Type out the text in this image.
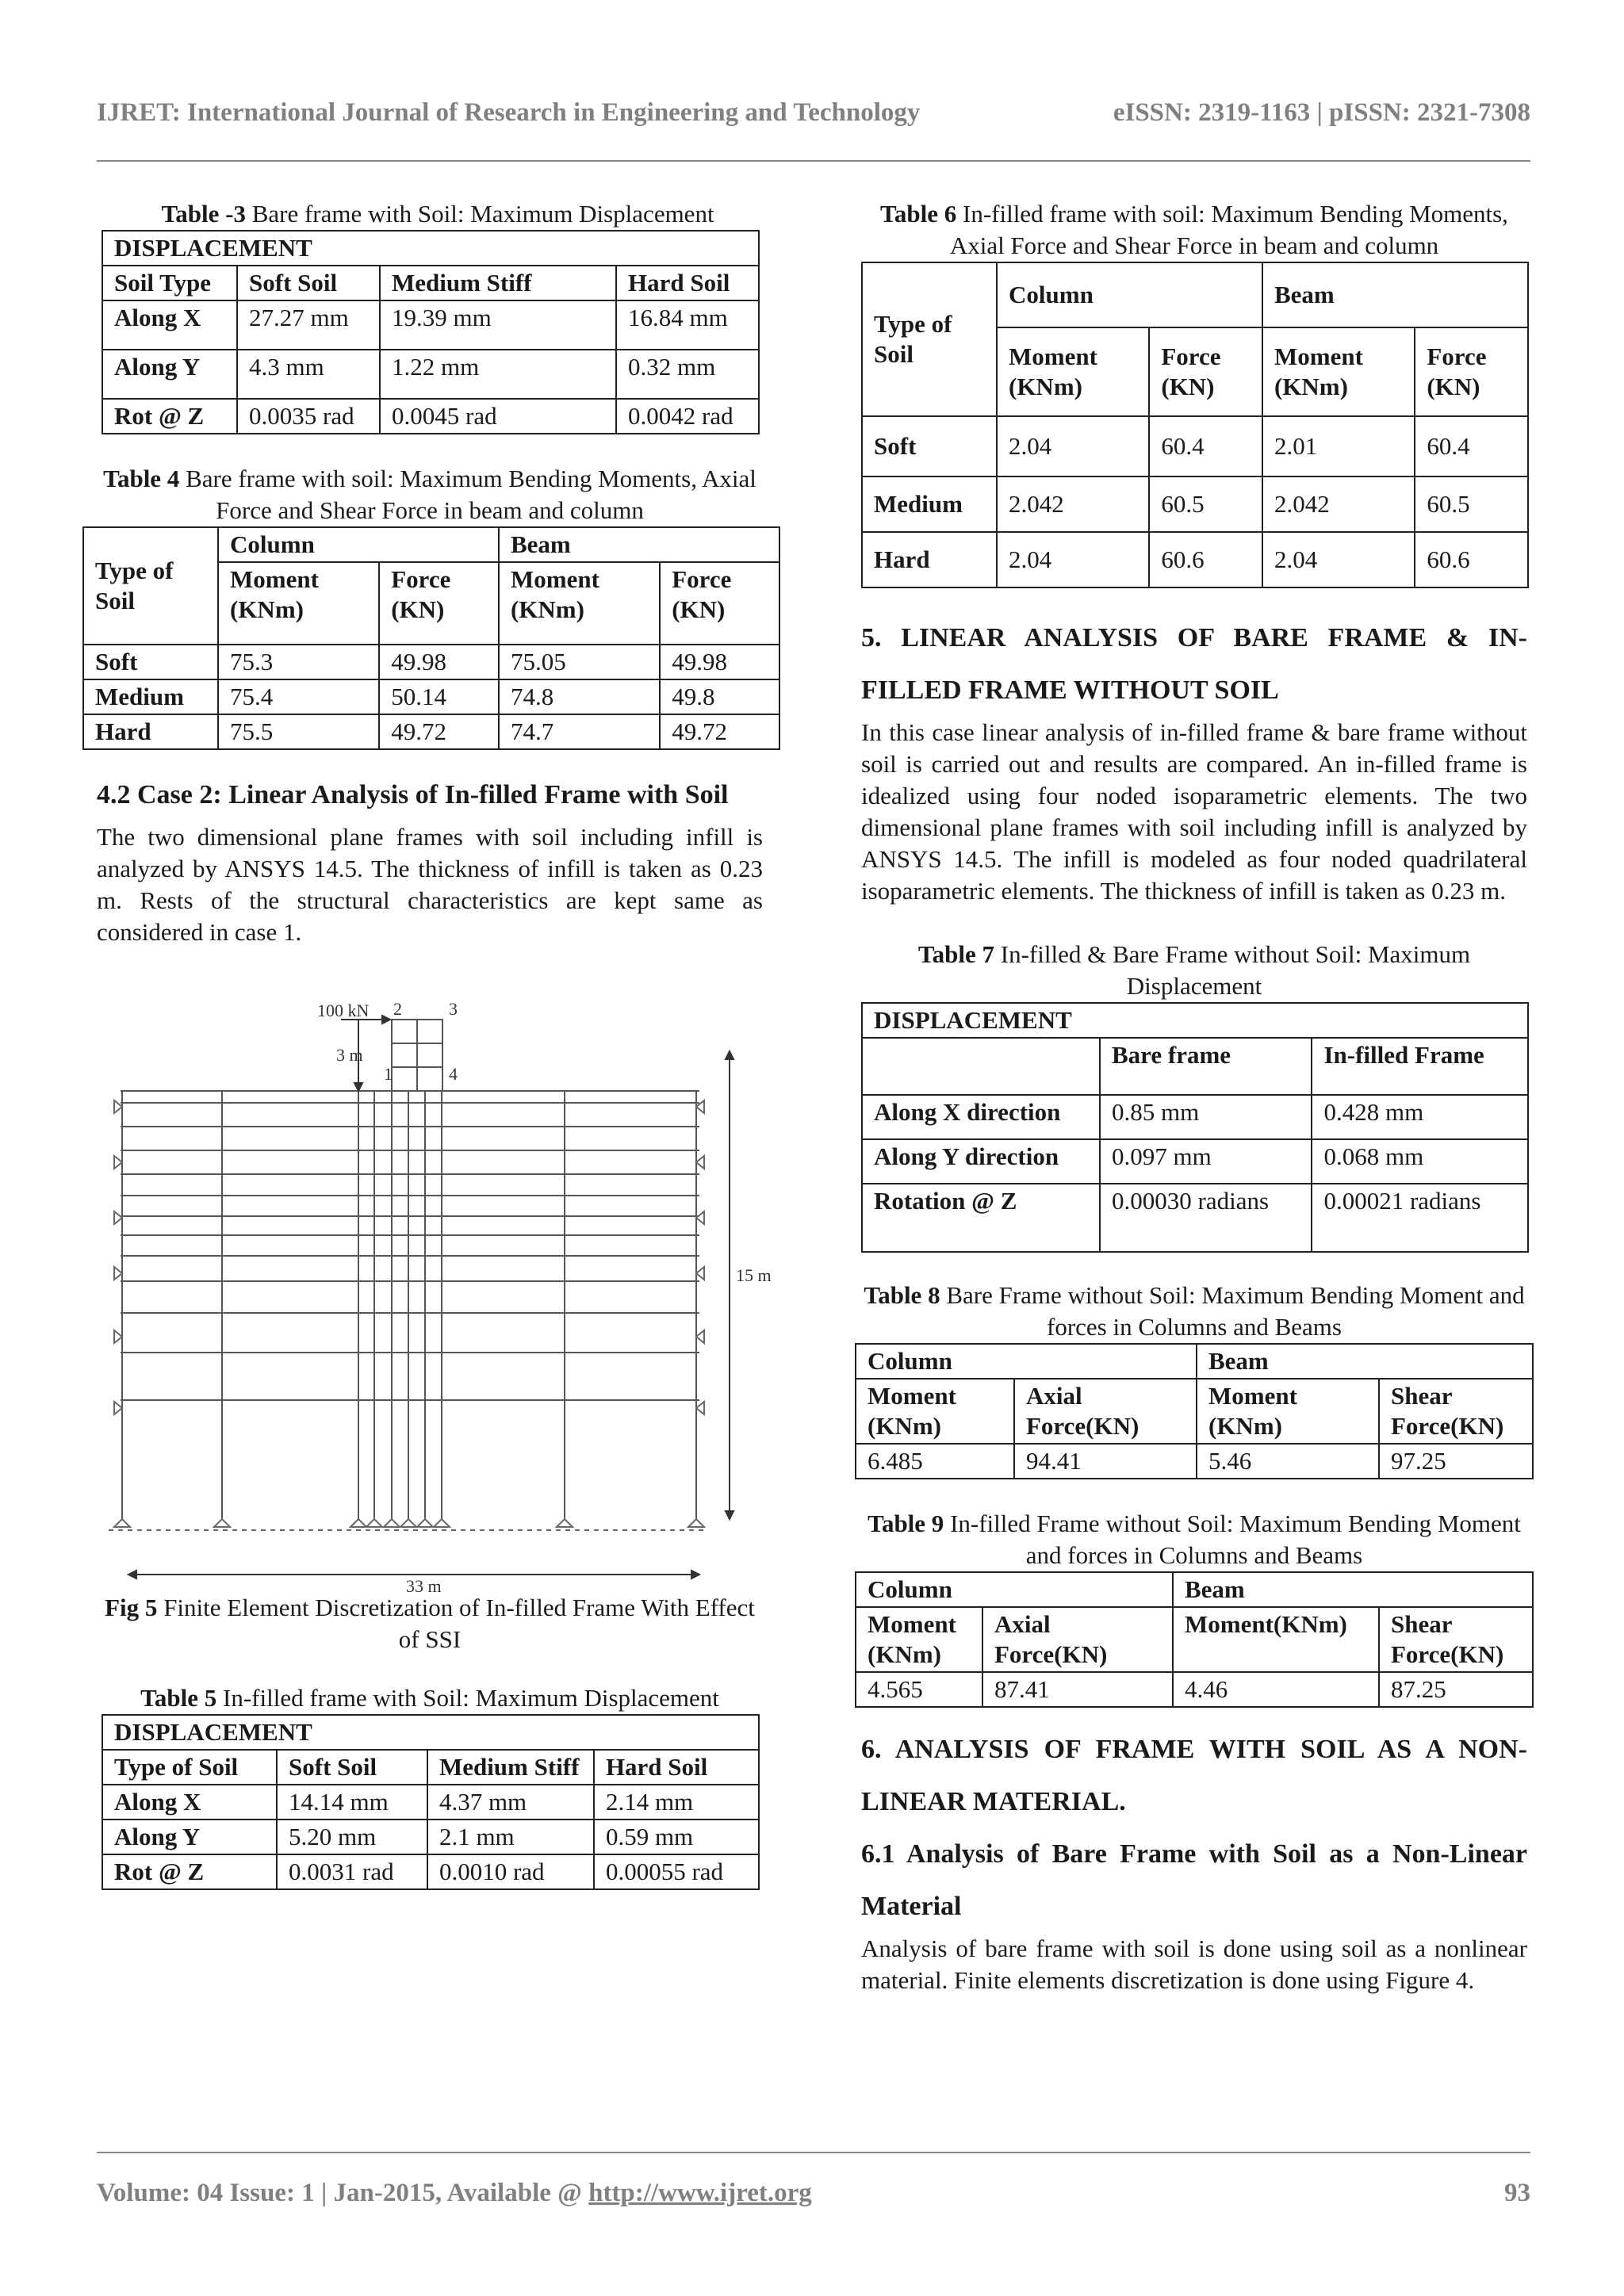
IJRET: International Journal of Research in Engineering and Technology	eISSN: 2319-1163 | pISSN: 2321-7308
Table -3 Bare frame with Soil: Maximum Displacement
DISPLACEMENT			
Soil Type	Soft Soil	Medium Stiff	Hard Soil
Along X	27.27 mm	19.39 mm	16.84 mm
Along Y	4.3 mm	1.22 mm	0.32 mm
Rot @ Z	0.0035 rad	0.0045 rad	0.0042 rad
Table 4 Bare frame with soil: Maximum Bending Moments, Axial Force and Shear Force in beam and column
Type of Soil	Column		Beam	
	Moment (KNm)	Force (KN)	Moment (KNm)	Force (KN)
Soft	75.3	49.98	75.05	49.98
Medium	75.4	50.14	74.8	49.8
Hard	75.5	49.72	74.7	49.72
4.2 Case 2: Linear Analysis of In-filled Frame with Soil
The two dimensional plane frames with soil including infill is analyzed by ANSYS 14.5. The thickness of infill is taken as 0.23 m. Rests of the structural characteristics are kept same as considered in case 1.
100 kN
3 m
1
2	3
4
15 m
33 m
Fig 5 Finite Element Discretization of In-filled Frame With Effect of SSI
Table 5 In-filled frame with Soil: Maximum Displacement
DISPLACEMENT			
Type of Soil	Soft Soil	Medium Stiff	Hard Soil
Along X	14.14 mm	4.37 mm	2.14 mm
Along Y	5.20 mm	2.1 mm	0.59 mm
Rot @ Z	0.0031 rad	0.0010 rad	0.00055 rad
Table 6 In-filled frame with soil: Maximum Bending Moments, Axial Force and Shear Force in beam and column
Type of Soil	Column		Beam	
	Moment (KNm)	Force (KN)	Moment (KNm)	Force (KN)
Soft	2.04	60.4	2.01	60.4
Medium	2.042	60.5	2.042	60.5
Hard	2.04	60.6	2.04	60.6
5. LINEAR ANALYSIS OF BARE FRAME & IN-FILLED FRAME WITHOUT SOIL
In this case linear analysis of in-filled frame & bare frame without soil is carried out and results are compared. An in-filled frame is idealized using four noded isoparametric elements. The two dimensional plane frames with soil including infill is analyzed by ANSYS 14.5. The infill is modeled as four noded quadrilateral isoparametric elements. The thickness of infill is taken as 0.23 m.
Table 7 In-filled & Bare Frame without Soil: Maximum Displacement
DISPLACEMENT		
	Bare frame	In-filled Frame
Along X direction	0.85 mm	0.428 mm
Along Y direction	0.097 mm	0.068 mm
Rotation @ Z	0.00030 radians	0.00021 radians
Table 8 Bare Frame without Soil: Maximum Bending Moment and forces in Columns and Beams
Column		Beam	
Moment (KNm)	Axial Force(KN)	Moment (KNm)	Shear Force(KN)
6.485	94.41	5.46	97.25
Table 9 In-filled Frame without Soil: Maximum Bending Moment and forces in Columns and Beams
Column		Beam	
Moment (KNm)	Axial Force(KN)	Moment(KNm)	Shear Force(KN)
4.565	87.41	4.46	87.25
6. ANALYSIS OF FRAME WITH SOIL AS A NON-LINEAR MATERIAL.
6.1 Analysis of Bare Frame with Soil as a Non-Linear Material
Analysis of bare frame with soil is done using soil as a nonlinear material. Finite elements discretization is done using Figure 4.
Volume: 04 Issue: 1 | Jan-2015, Available @ http://www.ijret.org	93
